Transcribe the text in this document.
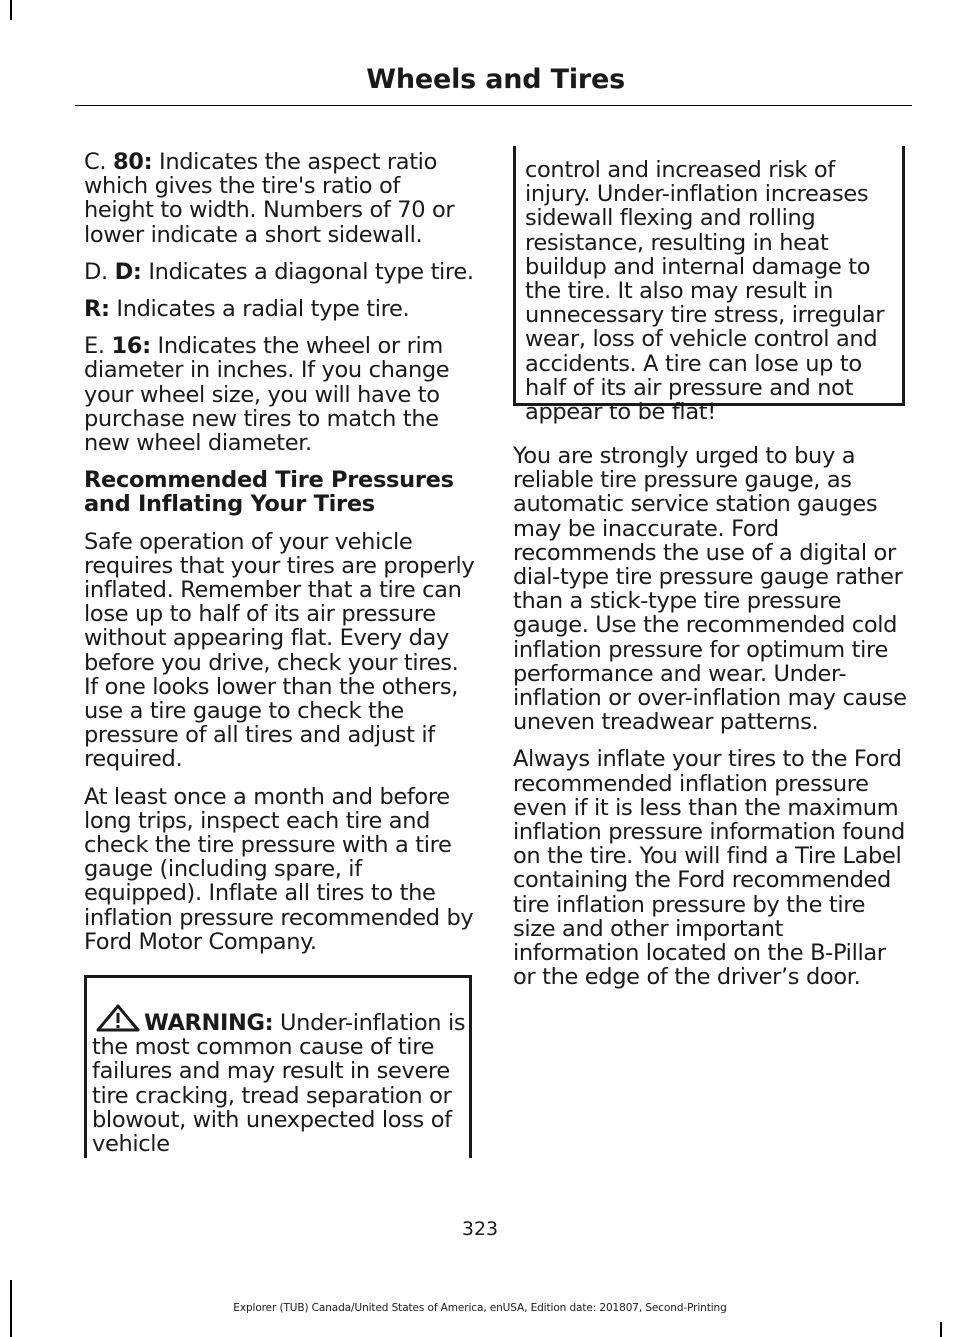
Wheels and Tires

C. 80: Indicates the aspect ratio which gives the tire's ratio of height to width. Numbers of 70 or lower indicate a short sidewall.

D. D: Indicates a diagonal type tire.

R: Indicates a radial type tire.

E. 16: Indicates the wheel or rim diameter in inches. If you change your wheel size, you will have to purchase new tires to match the new wheel diameter.

Recommended Tire Pressures and Inflating Your Tires

Safe operation of your vehicle requires that your tires are properly inflated. Remember that a tire can lose up to half of its air pressure without appearing flat. Every day before you drive, check your tires. If one looks lower than the others, use a tire gauge to check the pressure of all tires and adjust if required.

At least once a month and before long trips, inspect each tire and check the tire pressure with a tire gauge (including spare, if equipped). Inflate all tires to the inflation pressure recommended by Ford Motor Company.

WARNING: Under-inflation is the most common cause of tire failures and may result in severe tire cracking, tread separation or blowout, with unexpected loss of vehicle
control and increased risk of injury. Under-inflation increases sidewall flexing and rolling resistance, resulting in heat buildup and internal damage to the tire. It also may result in unnecessary tire stress, irregular wear, loss of vehicle control and accidents. A tire can lose up to half of its air pressure and not appear to be flat!

You are strongly urged to buy a reliable tire pressure gauge, as automatic service station gauges may be inaccurate. Ford recommends the use of a digital or dial-type tire pressure gauge rather than a stick-type tire pressure gauge. Use the recommended cold inflation pressure for optimum tire performance and wear. Under-inflation or over-inflation may cause uneven treadwear patterns.

Always inflate your tires to the Ford recommended inflation pressure even if it is less than the maximum inflation pressure information found on the tire. You will find a Tire Label containing the Ford recommended tire inflation pressure by the tire size and other important information located on the B-Pillar or the edge of the driver’s door.

323
Explorer (TUB) Canada/United States of America, enUSA, Edition date: 201807, Second-Printing
